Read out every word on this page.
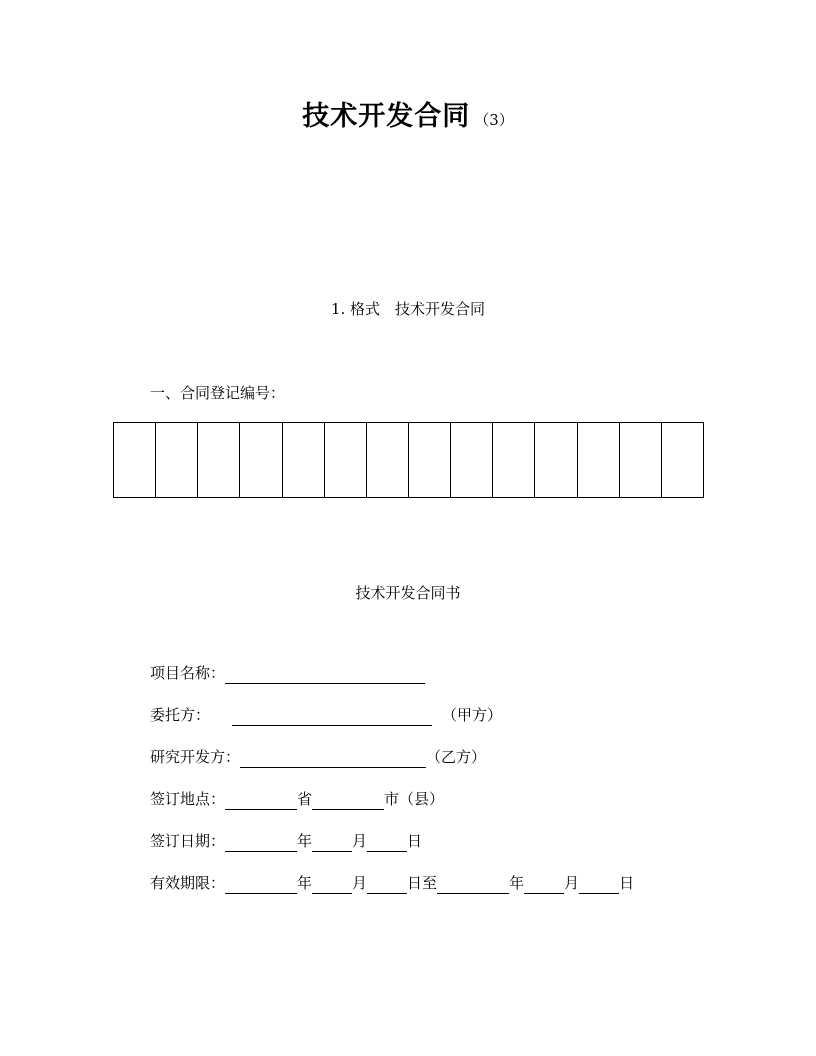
技术开发合同 （3）
1. 格式　技术开发合同
一、合同登记编号：
技术开发合同书
项目名称：
委托方：	（甲方）
研究开发方：	（乙方）
签订地点：	省	市（县）
签订日期：	年	月	日
有效期限：	年	月	日至	年	月	日
